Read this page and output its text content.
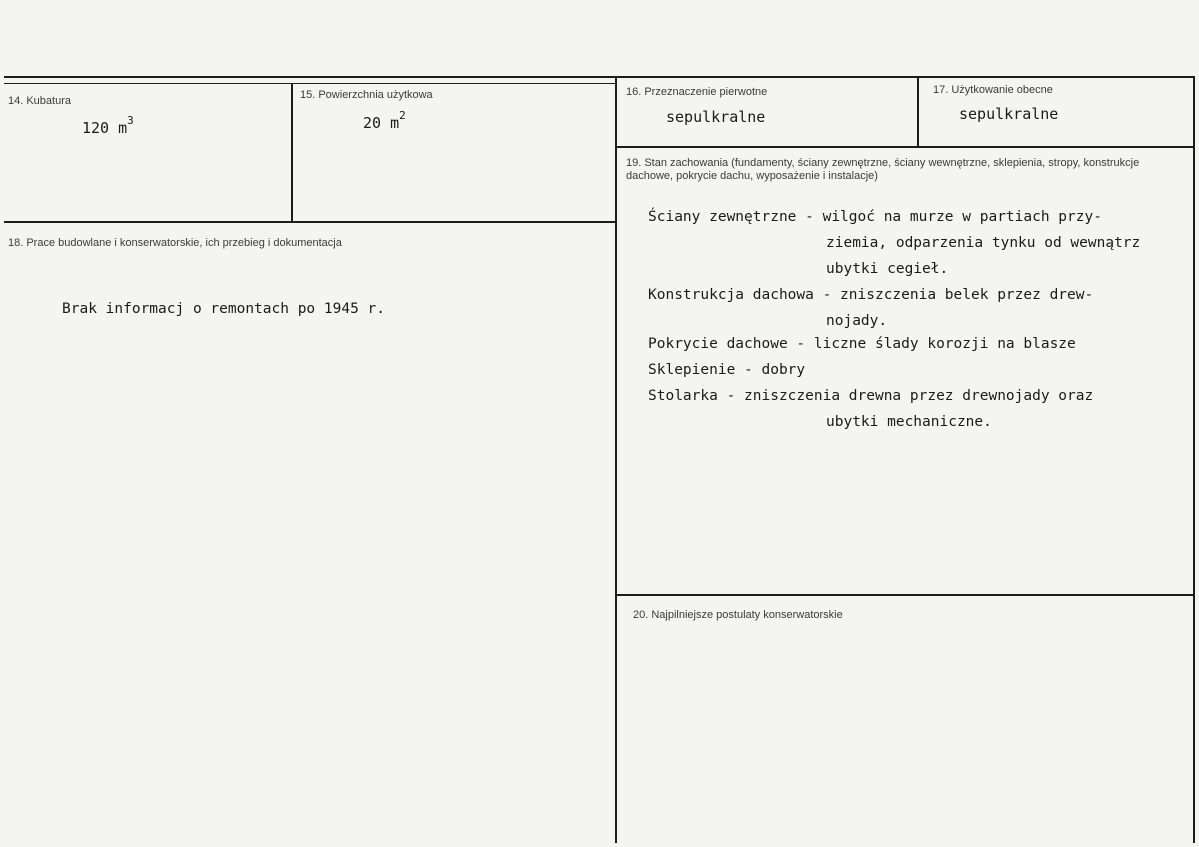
14. Kubatura
120 $m^3$
15. Powierzchnia użytkowa
20 $m^2$
16. Przeznaczenie pierwotne
sepulkralne
17. Użytkowanie obecne
sepulkralne
18. Prace budowlane i konserwatorskie, ich przebieg i dokumentacja
Brak informacj o remontach po 1945 r.
19. Stan zachowania (fundamenty, ściany zewnętrzne, ściany wewnętrzne, sklepienia, stropy, konstrukcje dachowe, pokrycie dachu, wyposażenie i instalacje)
Ściany zewnętrzne - wilgoć na murze w partiach przy-
ziemia, odparzenia tynku od wewnątrz
ubytki cegieł.
Konstrukcja dachowa - zniszczenia belek przez drew-
nojady.
Pokrycie dachowe - liczne ślady korozji na blasze
Sklepienie - dobry
Stolarka - zniszczenia drewna przez drewnojady oraz
ubytki mechaniczne.
20. Najpilniejsze postulaty konserwatorskie
